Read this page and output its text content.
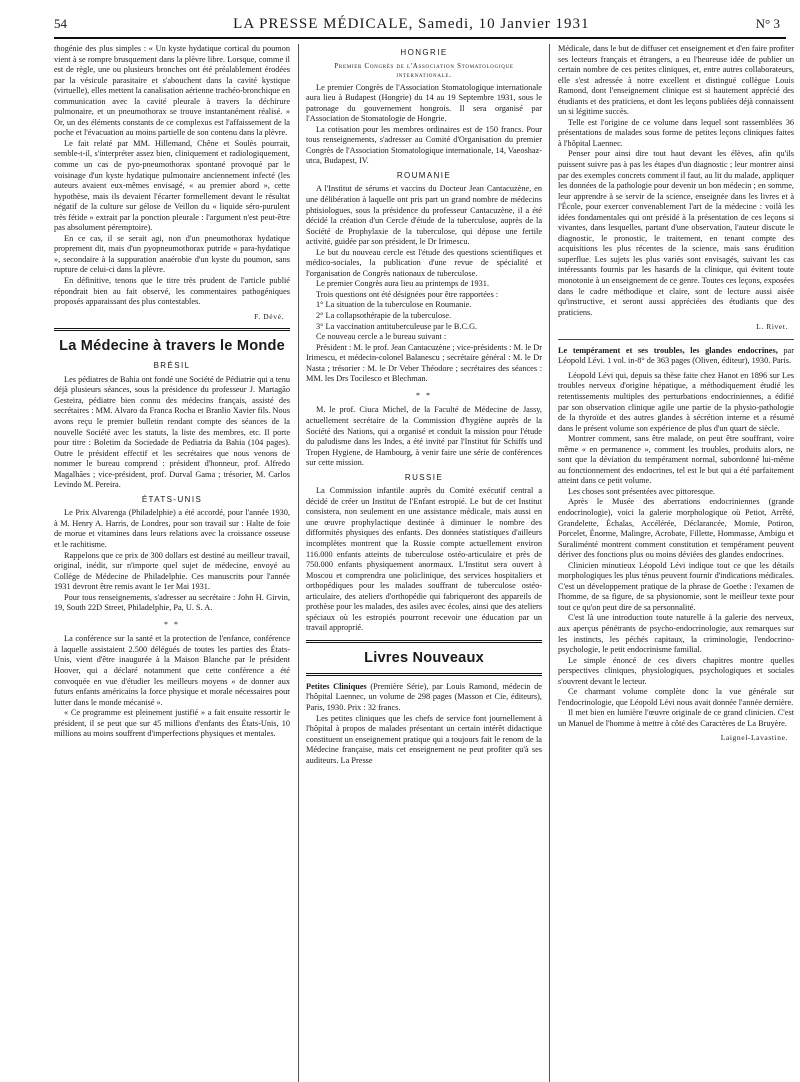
54	LA PRESSE MÉDICALE, Samedi, 10 Janvier 1931	N° 3

thogénie des plus simples : « Un kyste hydatique cortical du poumon vient à se rompre brusquement dans la plèvre libre. Lorsque, comme il est de règle, une ou plusieurs bronches ont été préalablement érodées par la vésicule parasitaire et s'abouchent dans la cavité kystique (virtuelle), elles mettent la canalisation aérienne trachéo-bronchique en communication avec la cavité pleurale à travers la déchirure pulmonaire, et un pneumothorax se trouve instantanément réalisé. » Or, un des éléments constants de ce complexus est l'affaissement de la poche et l'évacuation au moins partielle de son contenu dans la plèvre.

Le fait relaté par MM. Hillemand, Chêne et Soulès pourrait, semble-t-il, s'interpréter assez bien, cliniquement et radiologiquement, comme un cas de pyo-pneumothorax spontané provoqué par le voisinage d'un kyste hydatique pulmonaire anciennement infecté (les auteurs avaient eux-mêmes envisagé, « au premier abord », cette hypothèse, mais ils devaient l'écarter formellement devant le résultat négatif de la culture sur gélose de Veillon du « liquide séro-purulent très fétide » extrait par la ponction pleurale : l'argument n'est peut-être pas absolument péremptoire).

En ce cas, il se serait agi, non d'un pneumothorax hydatique proprement dit, mais d'un pyopneumothorax putride « para-hydatique », secondaire à la suppuration anaérobie d'un kyste du poumon, sans rupture de celui-ci dans la plèvre.

En définitive, tenons que le titre très prudent de l'article publié répondrait bien au fait observé, les commentaires pathogéniques proposés apparaissant des plus contestables.

F. Dévé.
La Médecine à travers le Monde
BRÉSIL

Les pédiatres de Bahia ont fondé une Société de Pédiatrie qui a tenu déjà plusieurs séances, sous la présidence du professeur J. Martagão Gesteira, pédiatre bien connu des médecins français, assisté des secrétaires : MM. Alvaro da Franca Rocha et Branlio Xavier fils. Nous avons reçu le premier bulletin rendant compte des séances de la nouvelle Société avec les statuts, la liste des membres, etc. Il porte pour titre : Boletim da Sociedade de Pediatria da Bahia (104 pages). Outre le président effectif et les secrétaires que nous venons de nommer le bureau comprend : président d'honneur, prof. Alfredo Magalhães ; vice-président, prof. Durval Gama ; trésorier, M. Carlos Levindo M. Pereira.

ÉTATS-UNIS

Le Prix Alvarenga (Philadelphie) a été accordé, pour l'année 1930, à M. Henry A. Harris, de Londres, pour son travail sur : Halte de foie de morue et vitamines dans leurs relations avec la croissance osseuse et le rachitisme.

Rappelons que ce prix de 300 dollars est destiné au meilleur travail, original, inédit, sur n'importe quel sujet de médecine, envoyé au Collège de Médecine de Philadelphie. Ces manuscrits pour l'année 1931 devront être remis avant le 1er Mai 1931.

Pour tous renseignements, s'adresser au secrétaire : John H. Girvin, 19, South 22D Street, Philadelphie, Pa, U. S. A.

* *

La conférence sur la santé et la protection de l'enfance, conférence à laquelle assistaient 2.500 délégués de toutes les parties des États-Unis, vient d'être inaugurée à la Maison Blanche par le président Hoover, qui a déclaré notamment que cette conférence a été convoquée en vue d'étudier les meilleurs moyens « de donner aux futurs enfants américains la force physique et morale nécessaires pour lutter dans le monde mécanisé ».

« Ce programme est pleinement justifié » a fait ensuite ressortir le président, il se peut que sur 45 millions d'enfants des États-Unis, 10 millions au moins souffrent d'imperfections physiques et mentales.

HONGRIE
Premier Congrès de l'Association Stomatologique internationale.

Le premier Congrès de l'Association Stomatologique internationale aura lieu à Budapest (Hongrie) du 14 au 19 Septembre 1931, sous le patronage du gouvernement hongrois. Il sera organisé par l'Association de Stomatologie de Hongrie.

La cotisation pour les membres ordinaires est de 150 francs. Pour tous renseignements, s'adresser au Comité d'Organisation du premier Congrès de l'Association Stomatologique internationale, 14, Vaeoshaz-utca, Budapest, IV.

ROUMANIE

A l'Institut de sérums et vaccins du Docteur Jean Cantacuzène, en une délibération à laquelle ont pris part un grand nombre de médecins phtisiologues, sous la présidence du professeur Cantacuzène, il a été décidé la création d'un Cercle d'étude de la tuberculose, auprès de la Société de Prophylaxie de la tuberculose, qui dépose une fertile activité, guidée par son président, le Dr Irimescu.

Le but du nouveau cercle est l'étude des questions scientifiques et médico-sociales, la publication d'une revue de spécialité et l'organisation de Congrès nationaux de tuberculose.

Le premier Congrès aura lieu au printemps de 1931.

Trois questions ont été désignées pour être rapportées :

1° La situation de la tuberculose en Roumanie.

2° La collapsothérapie de la tuberculose.

3° La vaccination antituberculeuse par le B.C.G.

Ce nouveau cercle a le bureau suivant :

Président : M. le prof. Jean Cantacuzène ; vice-présidents : M. le Dr Irimescu, et médecin-colonel Balanescu ; secrétaire général : M. le Dr Nasta ; trésorier : M. le Dr Veber Théodore ; secrétaires des séances : MM. les Drs Tocilesco et Blechman.

* *

M. le prof. Ciuca Michel, de la Faculté de Médecine de Jassy, actuellement secrétaire de la Commission d'hygiène auprès de la Société des Nations, qui a organisé et conduit la mission pour l'étude du paludisme dans les Indes, a été invité par l'Institut für Schiffs und Tropen Hygiene, de Hambourg, à venir faire une série de conférences sur cette mission.

RUSSIE

La Commission infantile auprès du Comité exécutif central a décidé de créer un Institut de l'Enfant estropié. Le but de cet Institut consistera, non seulement en une assistance médicale, mais aussi en une œuvre prophylactique destinée à diminuer le nombre des difformités physiques des enfants. Des données statistiques d'ailleurs incomplètes montrent que la Russie compte actuellement environ 116.000 enfants atteints de tuberculose ostéo-articulaire et près de 750.000 enfants physiquement anormaux. L'Institut sera ouvert à Moscou et comprendra une policlinique, des services hospitaliers et orthopédiques pour les malades souffrant de tuberculose ostéo-articulaire, des ateliers d'orthopédie qui fabriqueront des appareils de prothèse pour les malades, des asiles avec écoles, ainsi que des ateliers spéciaux où les estropiés pourront recevoir une éducation par un travail approprié.

Livres Nouveaux

Petites Cliniques (Première Série), par Louis Ramond, médecin de l'hôpital Laennec, un volume de 298 pages (Masson et Cie, éditeurs), Paris, 1930. Prix : 32 francs.

Les petites cliniques que les chefs de service font journellement à l'hôpital à propos de malades présentant un certain intérêt didactique constituent un enseignement pratique qui a toujours fait le renom de la Médecine française, mais cet enseignement ne peut profiter qu'à ses auditeurs. La Presse

Médicale, dans le but de diffuser cet enseignement et d'en faire profiter ses lecteurs français et étrangers, a eu l'heureuse idée de publier un certain nombre de ces petites cliniques, et, entre autres collaborateurs, elle s'est adressée à notre excellent et distingué collègue Louis Ramond, dont l'enseignement clinique est si hautement apprécié des étudiants et des praticiens, et dont les leçons publiées déjà connaissent un si légitime succès.

Telle est l'origine de ce volume dans lequel sont rassemblées 36 présentations de malades sous forme de petites leçons cliniques faites à l'hôpital Laennec.

Penser pour ainsi dire tout haut devant les élèves, afin qu'ils puissent suivre pas à pas les étapes d'un diagnostic ; leur montrer ainsi par des exemples concrets comment il faut, au lit du malade, appliquer les données de la pathologie pour devenir un bon médecin ; en somme, leur apprendre à se servir de la science, enseignée dans les livres et à l'École, pour exercer convenablement l'art de la médecine : voilà les idées fondamentales qui ont présidé à la présentation de ces leçons si vivantes, dans lesquelles, partant d'une observation, l'auteur discute le diagnostic, le pronostic, le traitement, en tenant compte des acquisitions les plus récentes de la science, mais sans érudition superflue. Les sujets les plus variés sont envisagés, suivant les cas intéressants fournis par les hasards de la clinique, qui évitent toute monotonie à un enseignement de ce genre. Toutes ces leçons, exposées dans le cadre méthodique et claire, sont de lecture aussi aisée qu'instructive, et seront aussi appréciées des étudiants que des praticiens.

L. Rivet.

Le tempérament et ses troubles, les glandes endocrines, par Léopold Lévi. 1 vol. in-8° de 363 pages (Oliven, éditeur), 1930. Paris.

Léopold Lévi qui, depuis sa thèse faite chez Hanot en 1896 sur Les troubles nerveux d'origine hépatique, a méthodiquement étudié les retentissements multiples des perturbations endocriniennes, a édifié par son observation clinique agile une partie de la physio-pathologie de la thyroïde et des autres glandes à sécrétion interne et a résumé dans le présent volume son expérience de plus d'un quart de siècle.

Montrer comment, sans être malade, on peut être souffrant, voire même « en permanence », comment les troubles, produits alors, ne sont que la déviation du tempérament normal, subordonné lui-même au fonctionnement des endocrines, tel est le but qui a été parfaitement atteint dans ce petit volume.

Les choses sont présentées avec pittoresque.

Après le Musée des aberrations endocriniennes (grande endocrinologie), voici la galerie morphologique où Petiot, Arrêté, Grandelette, Échalas, Accélérée, Déclarancée, Momie, Potiron, Porcelet, Énorme, Malingre, Acrobate, Fillette, Hommasse, Ambigu et Suraliménté montrent comment constitution et tempérament peuvent dériver des fonctions plus ou moins déviées des glandes endocrines.

Clinicien minutieux Léopold Lévi indique tout ce que les détails morphologiques les plus ténus peuvent fournir d'indications médicales. C'est un développement pratique de la phrase de Goethe : l'examen de l'homme, de sa figure, de sa physionomie, sont le meilleur texte pour tout ce qu'on peut dire de sa personnalité.

C'est là une introduction toute naturelle à la galerie des nerveux, aux aperçus pénétrants de psycho-endocrinologie, aux remarques sur les instincts, les péchés capitaux, la criminologie, l'endocrino-psychologie, le petit endocrinisme familial.

Le simple énoncé de ces divers chapitres montre quelles perspectives cliniques, physiologiques, psychologiques et sociales s'ouvrent devant le lecteur.

Ce charmant volume complète donc la vue générale sur l'endocrinologie, que Léopold Lévi nous avait donnée l'année dernière.

Il met bien en lumière l'œuvre originale de ce grand clinicien. C'est un Manuel de l'homme à mettre à côté des Caractères de La Bruyère.

Laignel-Lavastine.
